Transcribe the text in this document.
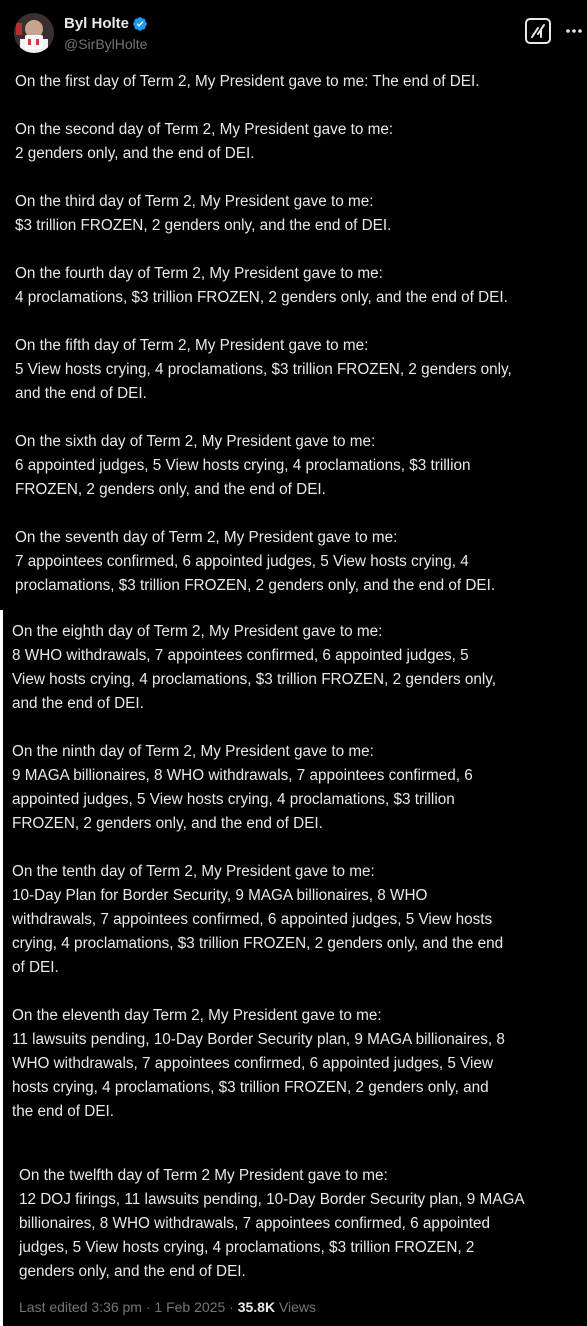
Byl Holte
@SirBylHolte

On the first day of Term 2, My President gave to me: The end of DEI.

On the second day of Term 2, My President gave to me:
2 genders only, and the end of DEI.

On the third day of Term 2, My President gave to me:
$3 trillion FROZEN, 2 genders only, and the end of DEI.

On the fourth day of Term 2, My President gave to me:
4 proclamations, $3 trillion FROZEN, 2 genders only, and the end of DEI.

On the fifth day of Term 2, My President gave to me:
5 View hosts crying, 4 proclamations, $3 trillion FROZEN, 2 genders only,
and the end of DEI.

On the sixth day of Term 2, My President gave to me:
6 appointed judges, 5 View hosts crying, 4 proclamations, $3 trillion
FROZEN, 2 genders only, and the end of DEI.

On the seventh day of Term 2, My President gave to me:
7 appointees confirmed, 6 appointed judges, 5 View hosts crying, 4
proclamations, $3 trillion FROZEN, 2 genders only, and the end of DEI.

On the eighth day of Term 2, My President gave to me:
8 WHO withdrawals, 7 appointees confirmed, 6 appointed judges, 5
View hosts crying, 4 proclamations, $3 trillion FROZEN, 2 genders only,
and the end of DEI.

On the ninth day of Term 2, My President gave to me:
9 MAGA billionaires, 8 WHO withdrawals, 7 appointees confirmed, 6
appointed judges, 5 View hosts crying, 4 proclamations, $3 trillion
FROZEN, 2 genders only, and the end of DEI.

On the tenth day of Term 2, My President gave to me:
10-Day Plan for Border Security, 9 MAGA billionaires, 8 WHO
withdrawals, 7 appointees confirmed, 6 appointed judges, 5 View hosts
crying, 4 proclamations, $3 trillion FROZEN, 2 genders only, and the end
of DEI.

On the eleventh day Term 2, My President gave to me:
11 lawsuits pending, 10-Day Border Security plan, 9 MAGA billionaires, 8
WHO withdrawals, 7 appointees confirmed, 6 appointed judges, 5 View
hosts crying, 4 proclamations, $3 trillion FROZEN, 2 genders only, and
the end of DEI.

On the twelfth day of Term 2 My President gave to me:
12 DOJ firings, 11 lawsuits pending, 10-Day Border Security plan, 9 MAGA
billionaires, 8 WHO withdrawals, 7 appointees confirmed, 6 appointed
judges, 5 View hosts crying, 4 proclamations, $3 trillion FROZEN, 2
genders only, and the end of DEI.

Last edited 3:36 pm · 1 Feb 2025 · 35.8K Views
